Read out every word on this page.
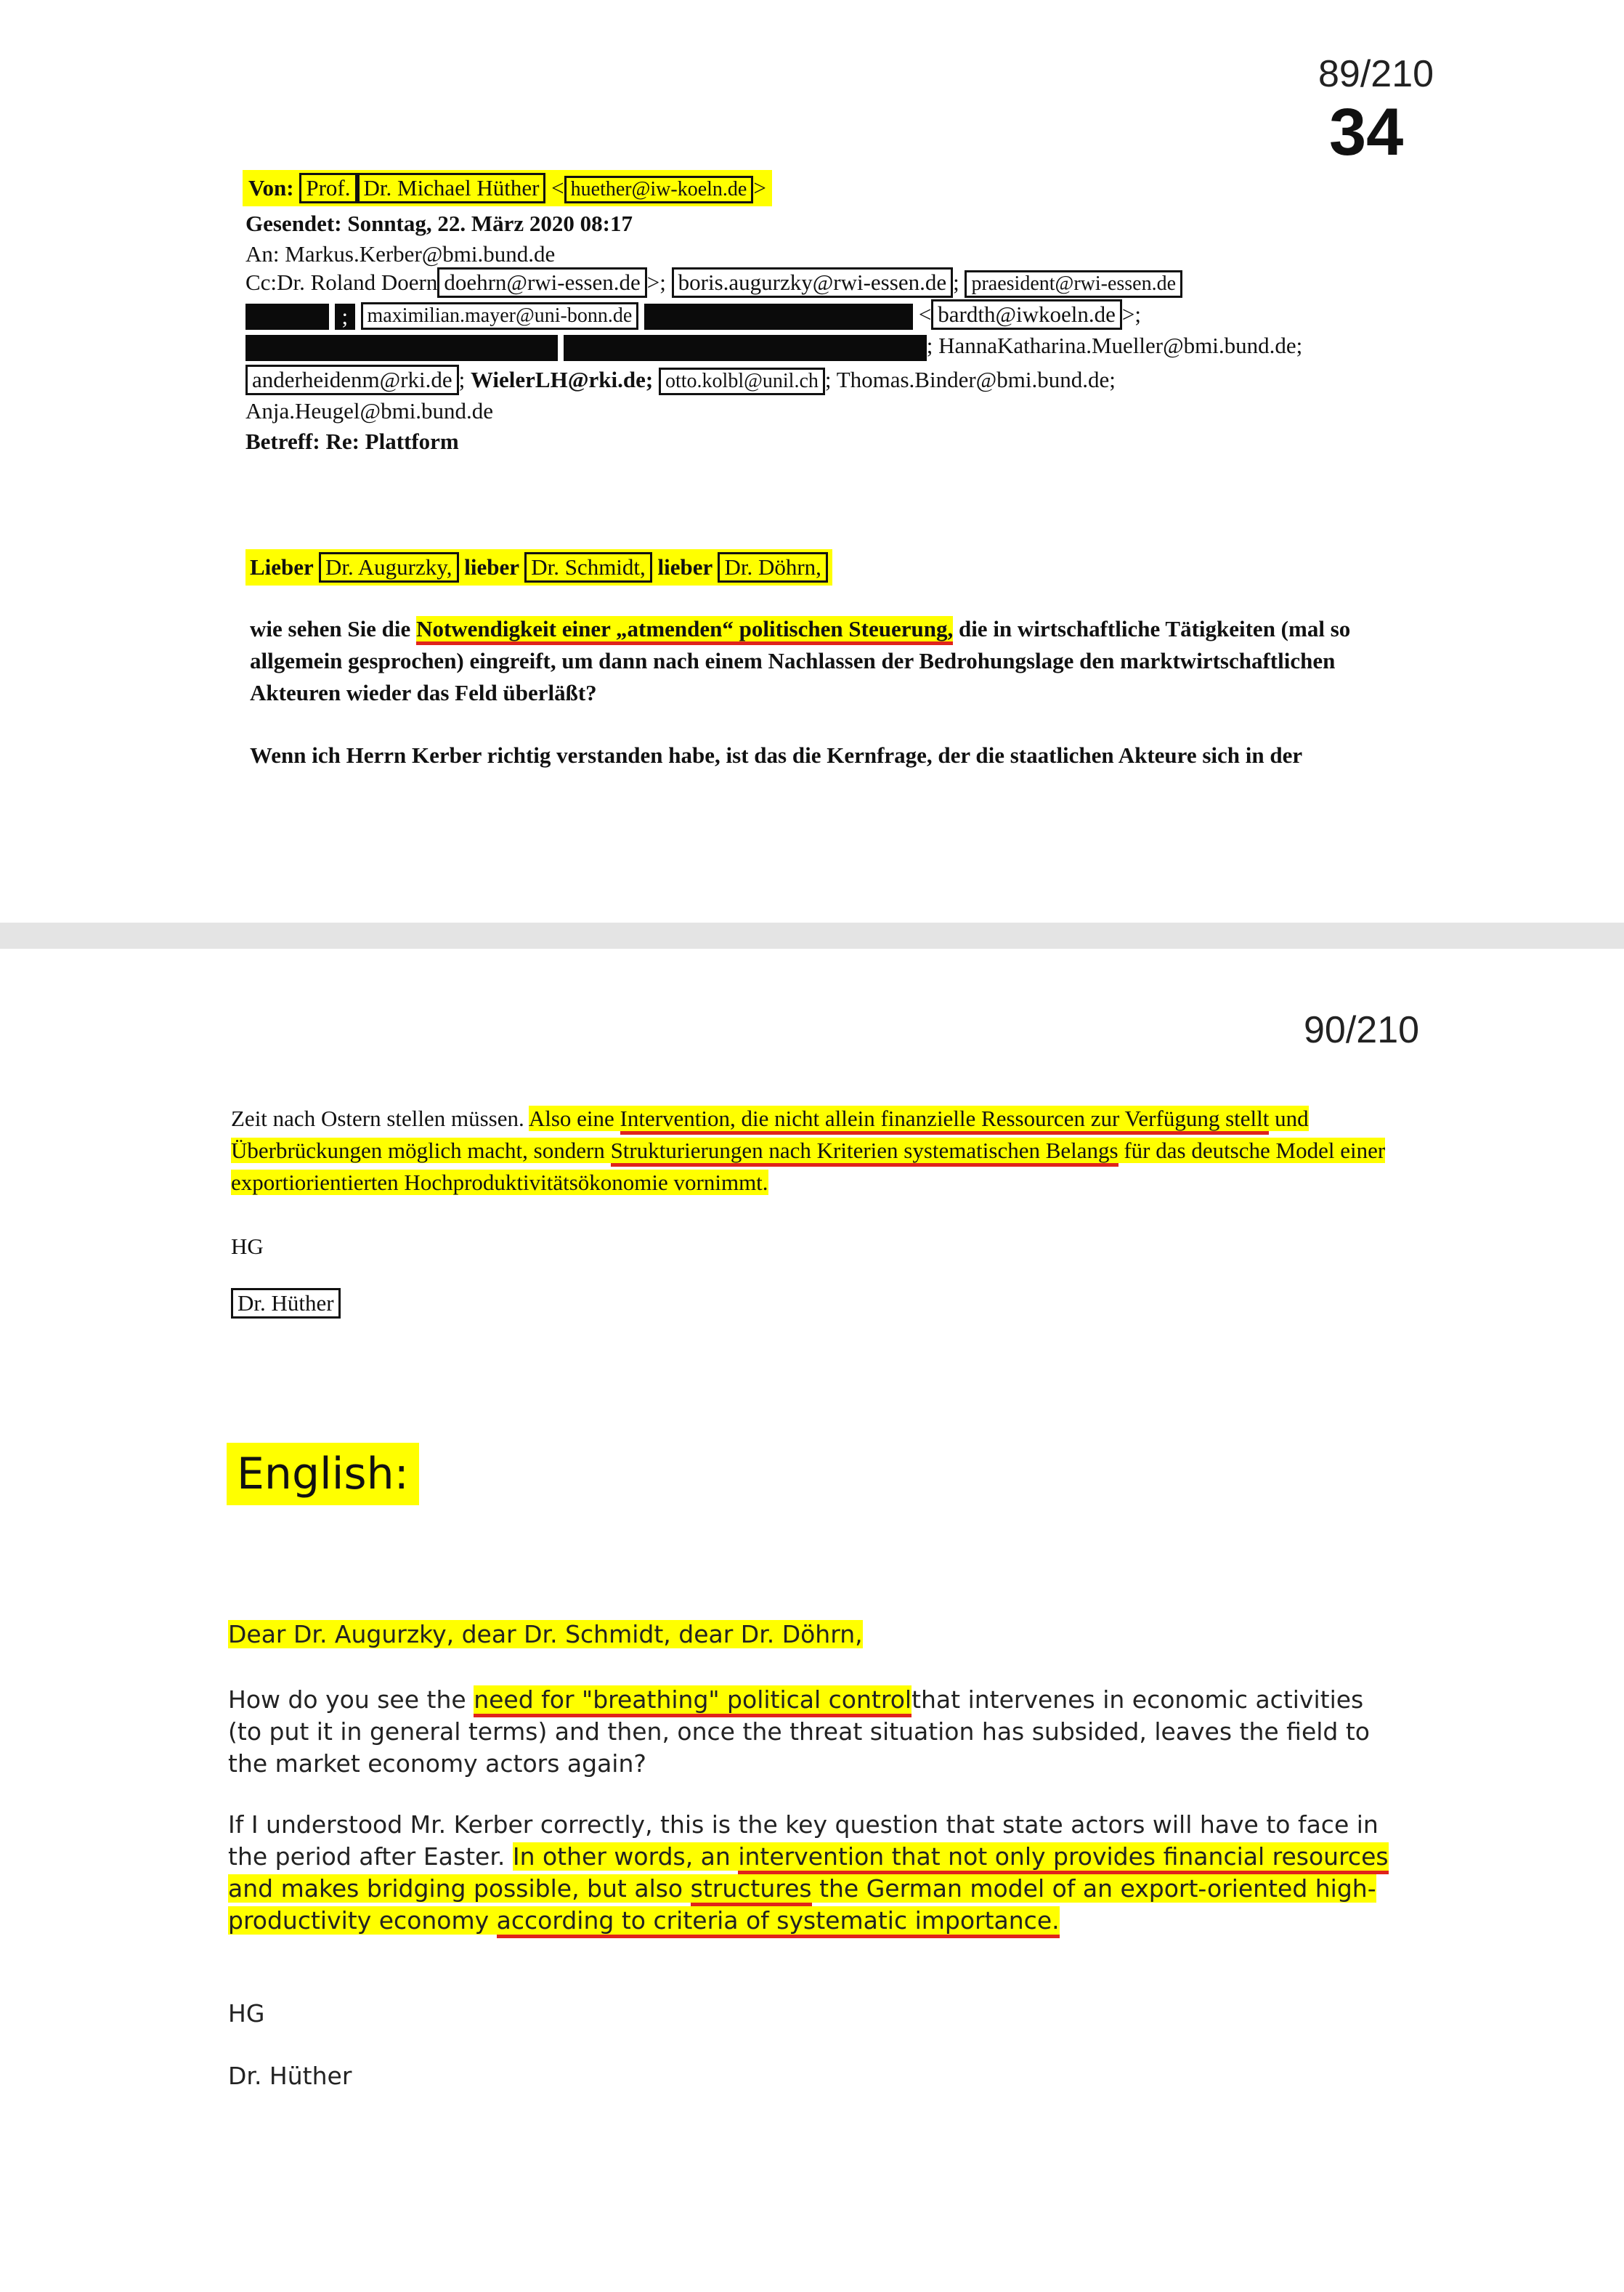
89/210
34
Von: Prof. Dr. Michael Hüther < huether@iw-koeln.de >
Gesendet: Sonntag, 22. März 2020 08:17
An: Markus.Kerber@bmi.bund.de
Cc:Dr. Roland Doern doehrn@rwi-essen.de >; boris.augurzky@rwi-essen.de ; praesident@rwi-essen.de
; maximilian.mayer@uni-bonn.de	< bardth@iwkoeln.de >;
; HannaKatharina.Mueller@bmi.bund.de;
anderheidenm@rki.de ; WielerLH@rki.de; otto.kolbl@unil.ch ; Thomas.Binder@bmi.bund.de;
Anja.Heugel@bmi.bund.de
Betreff: Re: Plattform
Lieber Dr. Augurzky, lieber Dr. Schmidt, lieber Dr. Döhrn,
wie sehen Sie die Notwendigkeit einer „atmenden“ politischen Steuerung, die in wirtschaftliche Tätigkeiten (mal so allgemein gesprochen) eingreift, um dann nach einem Nachlassen der Bedrohungslage den marktwirtschaftlichen Akteuren wieder das Feld überläßt?
Wenn ich Herrn Kerber richtig verstanden habe, ist das die Kernfrage, der die staatlichen Akteure sich in der
90/210
Zeit nach Ostern stellen müssen. Also eine Intervention, die nicht allein finanzielle Ressourcen zur Verfügung stellt und Überbrückungen möglich macht, sondern Strukturierungen nach Kriterien systematischen Belangs für das deutsche Model einer exportiorientierten Hochproduktivitätsökonomie vornimmt.
HG
Dr. Hüther
English:
Dear Dr. Augurzky, dear Dr. Schmidt, dear Dr. Döhrn,
How do you see the need for "breathing" political controlthat intervenes in economic activities (to put it in general terms) and then, once the threat situation has subsided, leaves the field to the market economy actors again?
If I understood Mr. Kerber correctly, this is the key question that state actors will have to face in the period after Easter. In other words, an intervention that not only provides financial resources and makes bridging possible, but also structures the German model of an export-oriented high-productivity economy according to criteria of systematic importance.
HG
Dr. Hüther
